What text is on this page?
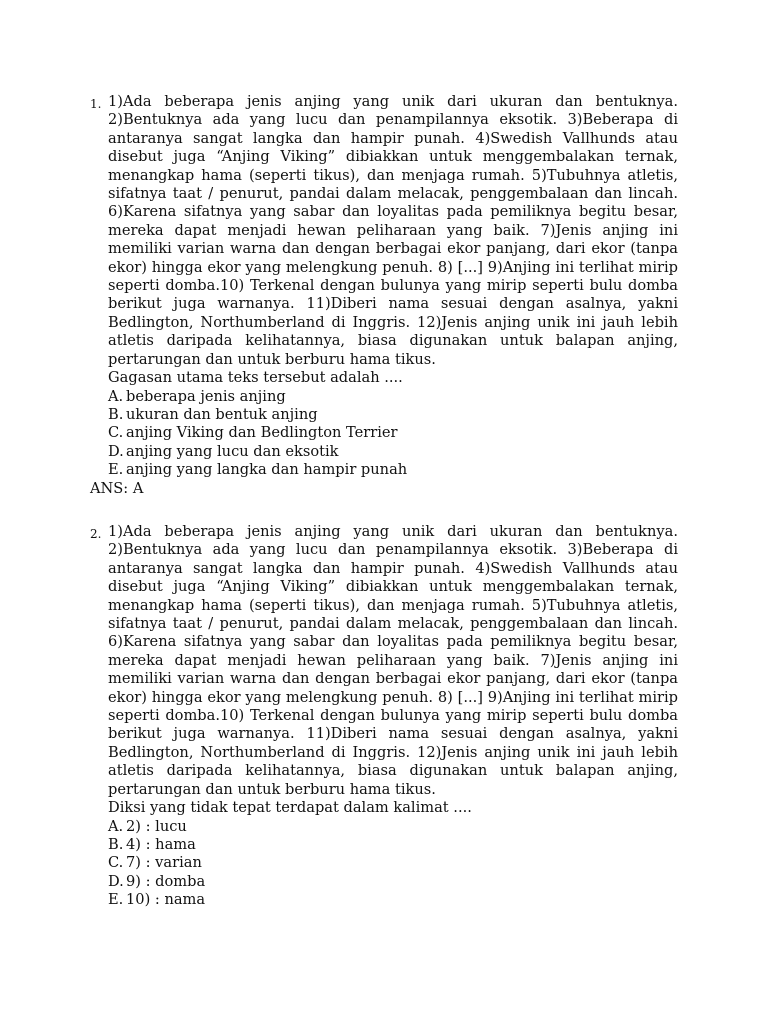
1. 1)Ada beberapa jenis anjing yang unik dari ukuran dan bentuknya. 2)Bentuknya ada yang lucu dan penampilannya eksotik. 3)Beberapa di antaranya sangat langka dan hampir punah. 4)Swedish Vallhunds atau disebut juga “Anjing Viking” dibiakkan untuk menggembalakan ternak, menangkap hama (seperti tikus), dan menjaga rumah. 5)Tubuhnya atletis, sifatnya taat / penurut, pandai dalam melacak, penggembalaan dan lincah. 6)Karena sifatnya yang sabar dan loyalitas pada pemiliknya begitu besar, mereka dapat menjadi hewan peliharaan yang baik. 7)Jenis anjing ini memiliki varian warna dan dengan berbagai ekor panjang, dari ekor (tanpa ekor) hingga ekor yang melengkung penuh. 8) [...] 9)Anjing ini terlihat mirip seperti domba.10) Terkenal dengan bulunya yang mirip seperti bulu domba berikut juga warnanya. 11)Diberi nama sesuai dengan asalnya, yakni Bedlington, Northumberland di Inggris. 12)Jenis anjing unik ini jauh lebih atletis daripada kelihatannya, biasa digunakan untuk balapan anjing, pertarungan dan untuk berburu hama tikus.

Gagasan utama teks tersebut adalah ....

A. beberapa jenis anjing
B. ukuran dan bentuk anjing
C. anjing Viking dan Bedlington Terrier
D. anjing yang lucu dan eksotik
E. anjing yang langka dan hampir punah

ANS: A

2. 1)Ada beberapa jenis anjing yang unik dari ukuran dan bentuknya. 2)Bentuknya ada yang lucu dan penampilannya eksotik. 3)Beberapa di antaranya sangat langka dan hampir punah. 4)Swedish Vallhunds atau disebut juga “Anjing Viking” dibiakkan untuk menggembalakan ternak, menangkap hama (seperti tikus), dan menjaga rumah. 5)Tubuhnya atletis, sifatnya taat / penurut, pandai dalam melacak, penggembalaan dan lincah. 6)Karena sifatnya yang sabar dan loyalitas pada pemiliknya begitu besar, mereka dapat menjadi hewan peliharaan yang baik. 7)Jenis anjing ini memiliki varian warna dan dengan berbagai ekor panjang, dari ekor (tanpa ekor) hingga ekor yang melengkung penuh. 8) [...] 9)Anjing ini terlihat mirip seperti domba.10) Terkenal dengan bulunya yang mirip seperti bulu domba berikut juga warnanya. 11)Diberi nama sesuai dengan asalnya, yakni Bedlington, Northumberland di Inggris. 12)Jenis anjing unik ini jauh lebih atletis daripada kelihatannya, biasa digunakan untuk balapan anjing, pertarungan dan untuk berburu hama tikus.

Diksi yang tidak tepat terdapat dalam kalimat ....

A. 2) : lucu
B. 4) : hama
C. 7) : varian
D. 9) : domba
E. 10) : nama
